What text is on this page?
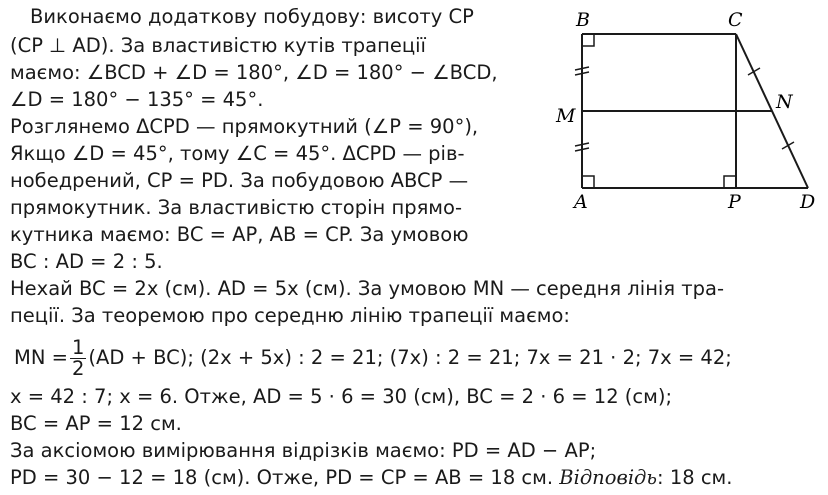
Виконаємо додаткову побудову: висоту CP
(CP ⊥ AD). За властивістю кутів трапеції
маємо: ∠BCD + ∠D = 180°, ∠D = 180° − ∠BCD,
∠D = 180° − 135° = 45°.
Розглянемо ΔCPD — прямокутний (∠P = 90°),
Якщо ∠D = 45°, тому ∠C = 45°. ΔCPD — рів-
нобедрений, CP = PD. За побудовою ABCP —
прямокутник. За властивістю сторін прямо-
кутника маємо: BC = AP, AB = CP. За умовою
BC : AD = 2 : 5.
Нехай BC = 2x (см). AD = 5x (см). За умовою MN — середня лінія тра-
пеції. За теоремою про середню лінію трапеції маємо:
MN = $\frac{1}{2} (AD + BC)$; (2x + 5x) : 2 = 21; (7x) : 2 = 21; 7x = 21 · 2; 7x = 42;
x = 42 : 7; x = 6. Отже, AD = 5 · 6 = 30 (см), BC = 2 · 6 = 12 (см);
BC = AP = 12 см.
За аксіомою вимірювання відрізків маємо: PD = AD − AP;
PD = 30 − 12 = 18 (см). Отже, PD = CP = AB = 18 см. Відповідь: 18 см.
B	C
M
N
A	P	D
